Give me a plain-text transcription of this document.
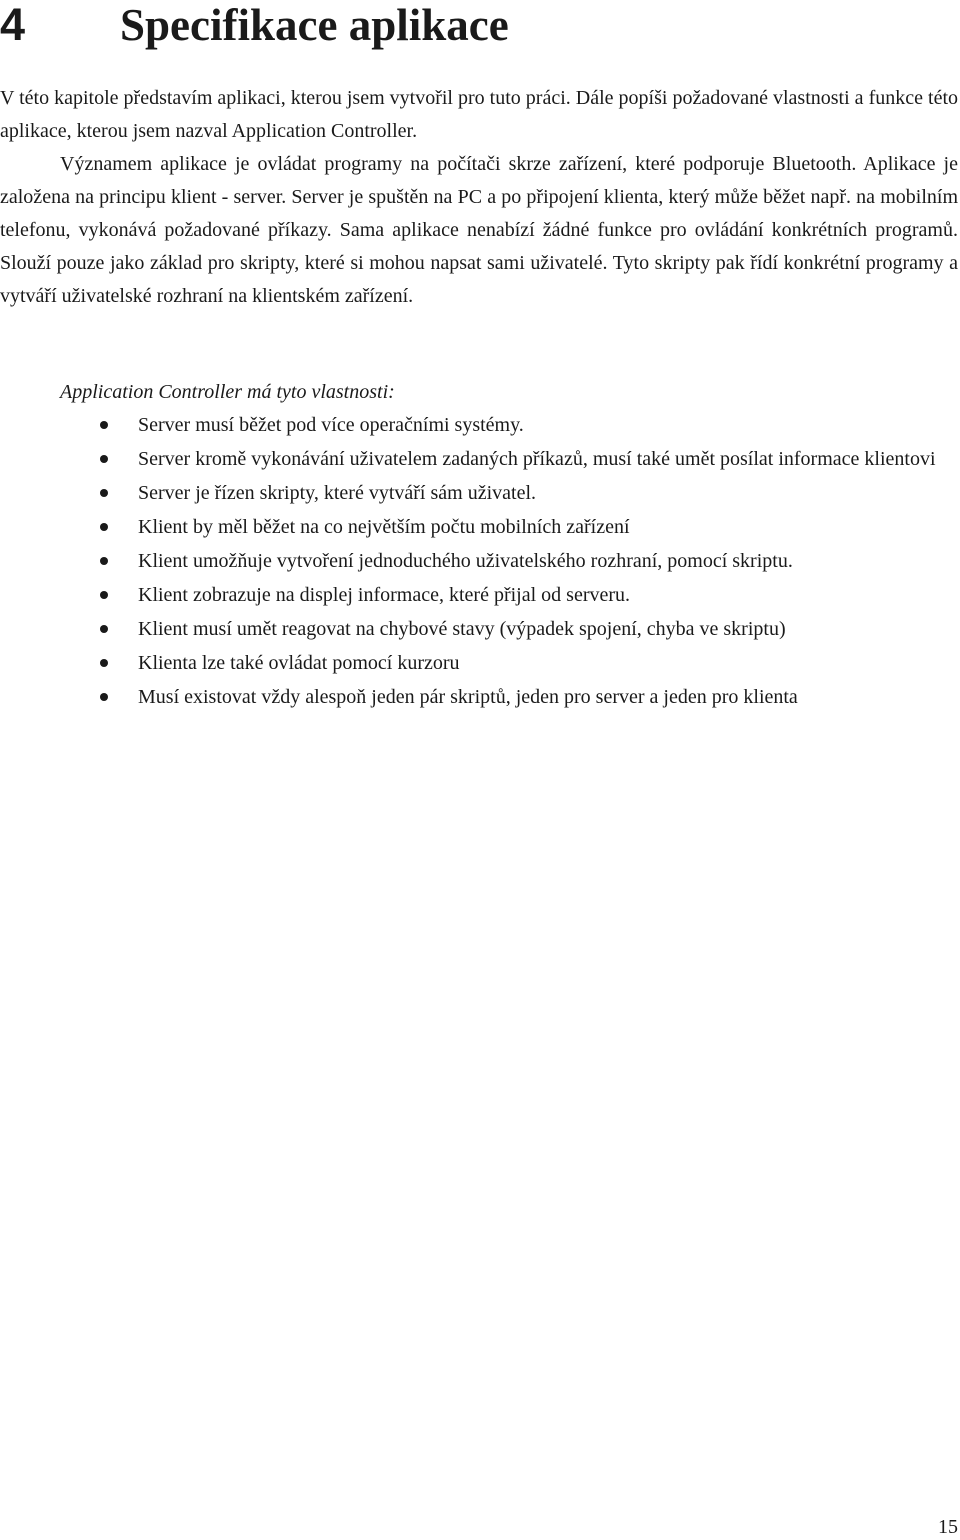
4	Specifikace aplikace

V této kapitole představím aplikaci, kterou jsem vytvořil pro tuto práci. Dále popíši požadované vlastnosti a funkce této aplikace, kterou jsem nazval Application Controller.
Významem aplikace je ovládat programy na počítači skrze zařízení, které podporuje Bluetooth. Aplikace je založena na principu klient - server. Server je spuštěn na PC a po připojení klienta, který může běžet např. na mobilním telefonu, vykonává požadované příkazy. Sama aplikace nenabízí žádné funkce pro ovládání konkrétních programů. Slouží pouze jako základ pro skripty, které si mohou napsat sami uživatelé. Tyto skripty pak řídí konkrétní programy a vytváří uživatelské rozhraní na klientském zařízení.

Application Controller má tyto vlastnosti:

Server musí běžet pod více operačními systémy.
Server kromě vykonávání uživatelem zadaných příkazů, musí také umět posílat informace klientovi
Server je řízen skripty, které vytváří sám uživatel.
Klient by měl běžet na co největším počtu mobilních zařízení
Klient umožňuje vytvoření jednoduchého uživatelského rozhraní, pomocí skriptu.
Klient zobrazuje na displej informace, které přijal od serveru.
Klient musí umět reagovat na chybové stavy (výpadek spojení, chyba ve skriptu)
Klienta lze také ovládat pomocí kurzoru
Musí existovat vždy alespoň jeden pár skriptů, jeden pro server a jeden pro klienta
15
